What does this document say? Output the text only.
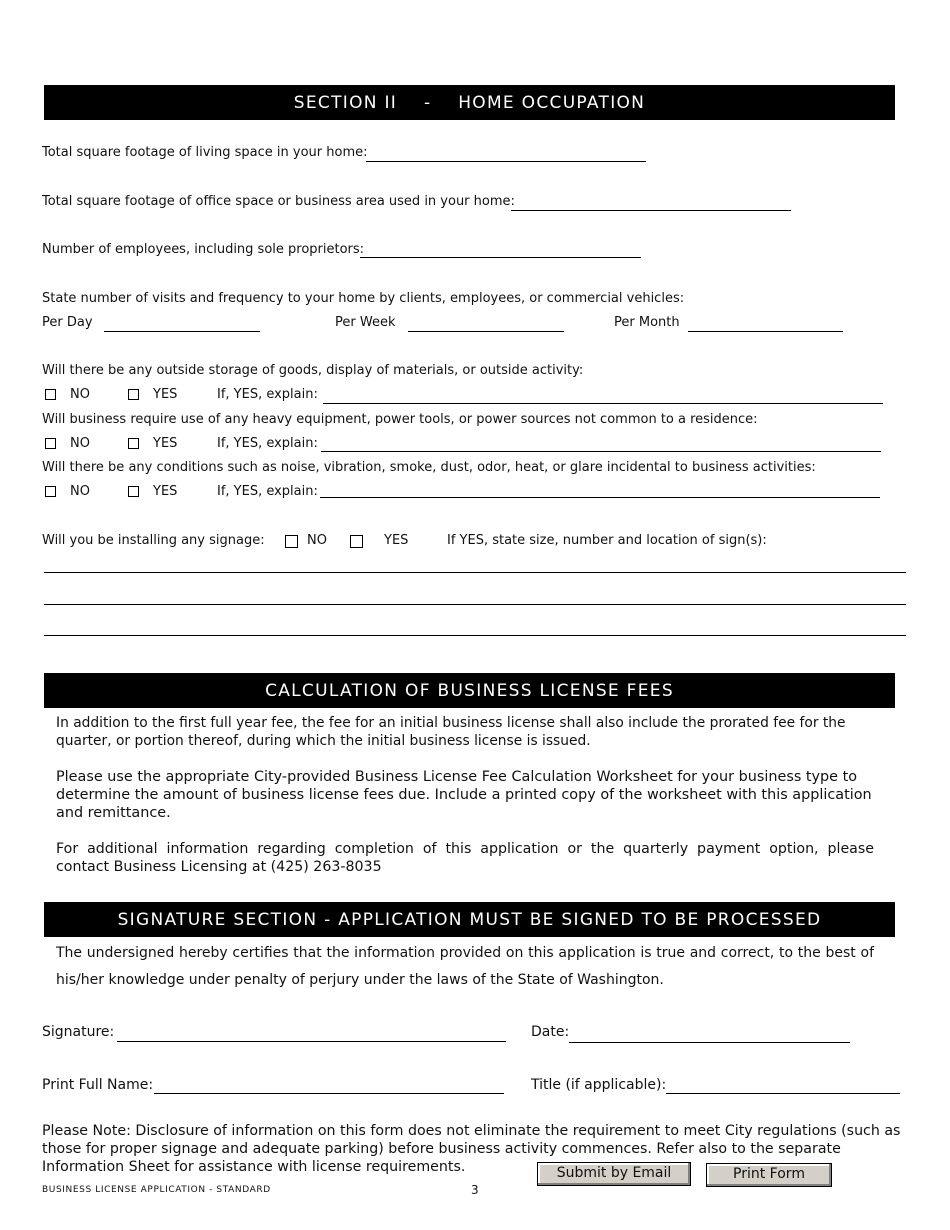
SECTION II    -    HOME OCCUPATION
Total square footage of living space in your home:
Total square footage of office space or business area used in your home:
Number of employees, including sole proprietors:
State number of visits and frequency to your home by clients, employees, or commercial vehicles:
Per Day	Per Week	Per Month
Will there be any outside storage of goods, display of materials, or outside activity:
NO	YES	If, YES, explain:
Will business require use of any heavy equipment, power tools, or power sources not common to a residence:
NO	YES	If, YES, explain:
Will there be any conditions such as noise, vibration, smoke, dust, odor, heat, or glare incidental to business activities:
NO	YES	If, YES, explain:
Will you be installing any signage:	NO	YES	If YES, state size, number and location of sign(s):
CALCULATION OF BUSINESS LICENSE FEES
In addition to the first full year fee, the fee for an initial business license shall also include the prorated fee for the quarter, or portion thereof, during which the initial business license is issued.
Please use the appropriate City-provided Business License Fee Calculation Worksheet for your business type to determine the amount of business license fees due. Include a printed copy of the worksheet with this application and remittance.
For additional information regarding completion of this application or the quarterly payment option, please contact Business Licensing at (425) 263-8035
SIGNATURE SECTION - APPLICATION MUST BE SIGNED TO BE PROCESSED
The undersigned hereby certifies that the information provided on this application is true and correct, to the best of his/her knowledge under penalty of perjury under the laws of the State of Washington.
Signature:	Date:
Print Full Name:	Title (if applicable):
Please Note: Disclosure of information on this form does not eliminate the requirement to meet City regulations (such as those for proper signage and adequate parking) before business activity commences. Refer also to the separate Information Sheet for assistance with license requirements.	Submit by Email	Print Form
BUSINESS LICENSE APPLICATION - STANDARD	3
